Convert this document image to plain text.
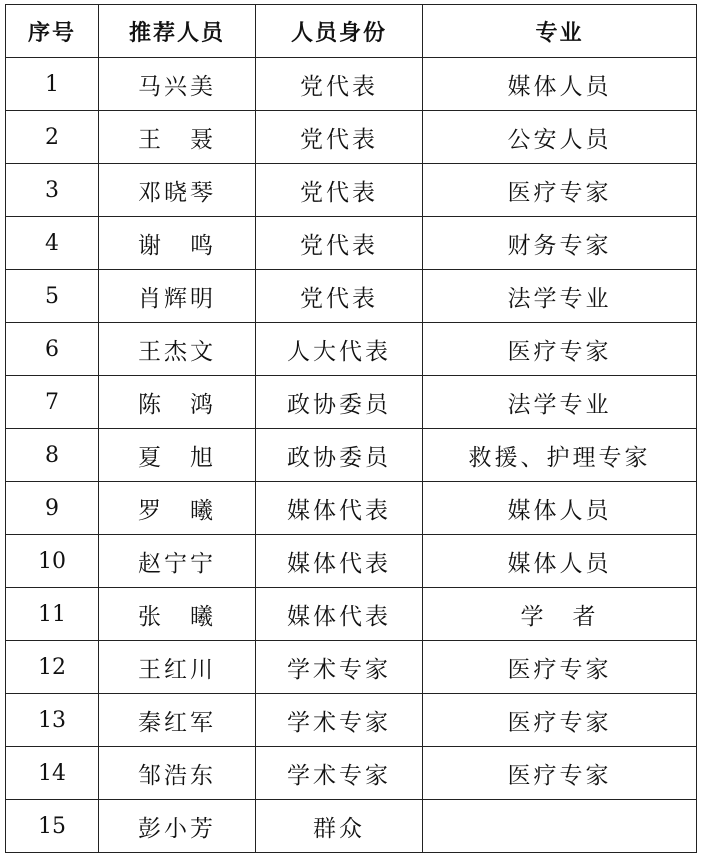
序号	推荐人员	人员身份	专业
1	马兴美	党代表	媒体人员
2	王　聂	党代表	公安人员
3	邓晓琴	党代表	医疗专家
4	谢　鸣	党代表	财务专家
5	肖辉明	党代表	法学专业
6	王杰文	人大代表	医疗专家
7	陈　鸿	政协委员	法学专业
8	夏　旭	政协委员	救援、护理专家
9	罗　曦	媒体代表	媒体人员
10	赵宁宁	媒体代表	媒体人员
11	张　曦	媒体代表	学　者
12	王红川	学术专家	医疗专家
13	秦红军	学术专家	医疗专家
14	邹浩东	学术专家	医疗专家
15	彭小芳	群众	
